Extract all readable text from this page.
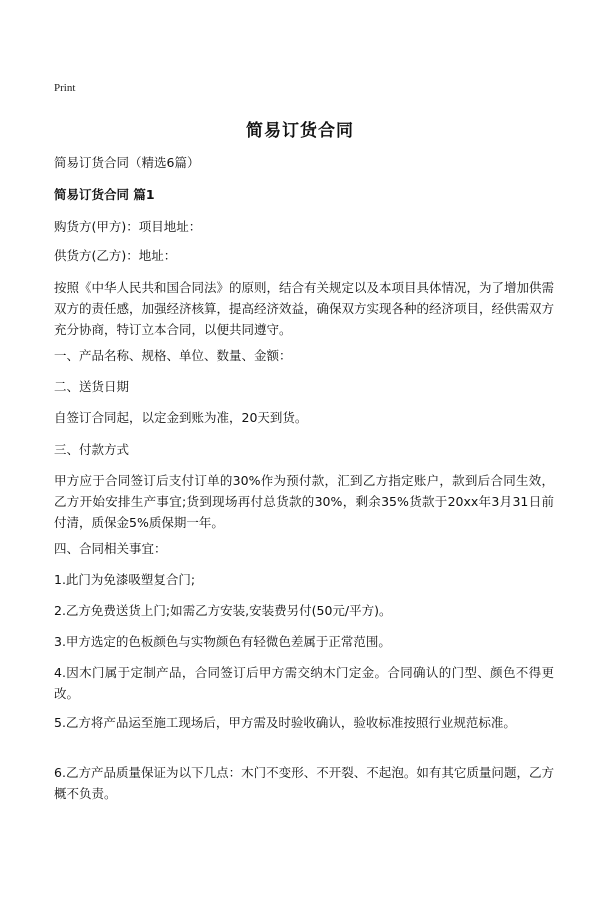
Print
简易订货合同
简易订货合同（精选6篇）
简易订货合同 篇1
购货方(甲方)：项目地址：
供货方(乙方)：地址：
按照《中华人民共和国合同法》的原则，结合有关规定以及本项目具体情况，为了增加供需双方的责任感，加强经济核算，提高经济效益，确保双方实现各种的经济项目，经供需双方充分协商，特订立本合同，以便共同遵守。
一、产品名称、规格、单位、数量、金额：
二、送货日期
自签订合同起，以定金到账为准，20天到货。
三、付款方式
甲方应于合同签订后支付订单的30%作为预付款，汇到乙方指定账户，款到后合同生效，乙方开始安排生产事宜;货到现场再付总货款的30%，剩余35%货款于20xx年3月31日前付清，质保金5%质保期一年。
四、合同相关事宜：
1.此门为免漆吸塑复合门;
2.乙方免费送货上门;如需乙方安装,安装费另付(50元/平方)。
3.甲方选定的色板颜色与实物颜色有轻微色差属于正常范围。
4.因木门属于定制产品，合同签订后甲方需交纳木门定金。合同确认的门型、颜色不得更改。
5.乙方将产品运至施工现场后，甲方需及时验收确认，验收标准按照行业规范标准。
6.乙方产品质量保证为以下几点：木门不变形、不开裂、不起泡。如有其它质量问题，乙方概不负责。
